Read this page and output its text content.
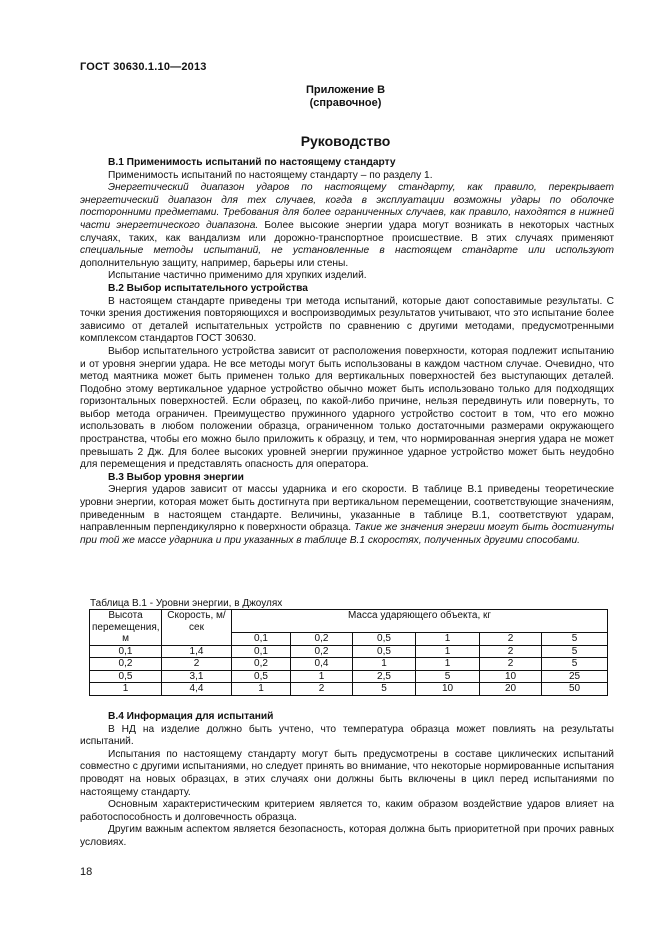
ГОСТ 30630.1.10—2013
Приложение В
(справочное)
Руководство

В.1 Применимость испытаний по настоящему стандарту

Применимость испытаний по настоящему стандарту – по разделу 1.

Энергетический диапазон ударов по настоящему стандарту, как правило, перекрывает энергетический диапазон для тех случаев, когда в эксплуатации возможны удары по оболочке посторонними предметами. Требования для более ограниченных случаев, как правило, находятся в нижней части энергетического диапазона. Более высокие энергии удара могут возникать в некоторых частных случаях, таких, как вандализм или дорожно-транспортное происшествие. В этих случаях применяют специальные методы испытаний, не установленные в настоящем стандарте или используют дополнительную защиту, например, барьеры или стены.

Испытание частично применимо для хрупких изделий.

В.2 Выбор испытательного устройства

В настоящем стандарте приведены три метода испытаний, которые дают сопоставимые результаты. С точки зрения достижения повторяющихся и воспроизводимых результатов учитывают, что это испытание более зависимо от деталей испытательных устройств по сравнению с другими методами, предусмотренными комплексом стандартов ГОСТ 30630.

Выбор испытательного устройства зависит от расположения поверхности, которая подлежит испытанию и от уровня энергии удара. Не все методы могут быть использованы в каждом частном случае. Очевидно, что метод маятника может быть применен только для вертикальных поверхностей без выступающих деталей. Подобно этому вертикальное ударное устройство обычно может быть использовано только для подходящих горизонтальных поверхностей. Если образец, по какой-либо причине, нельзя передвинуть или повернуть, то выбор метода ограничен. Преимущество пружинного ударного устройство состоит в том, что его можно использовать в любом положении образца, ограниченном только достаточными размерами окружающего пространства, чтобы его можно было приложить к образцу, и тем, что нормированная энергия удара не может превышать 2 Дж. Для более высоких уровней энергии пружинное ударное устройство может быть неудобно для перемещения и представлять опасность для оператора.

В.3 Выбор уровня энергии

Энергия ударов зависит от массы ударника и его скорости. В таблице В.1 приведены теоретические уровни энергии, которая может быть достигнута при вертикальном перемещении, соответствующие значениям, приведенным в настоящем стандарте. Величины, указанные в таблице В.1, соответствуют ударам, направленным перпендикулярно к поверхности образца. Такие же значения энергии могут быть достигнуты при той же массе ударника и при указанных в таблице В.1 скоростях, полученных другими способами.

Таблица В.1 - Уровни энергии, в Джоулях
Высота перемещения, м	Скорость, м/сек	Масса ударяющего объекта, кг					
		0,1	0,2	0,5	1	2	5
0,1	1,4	0,1	0,2	0,5	1	2	5
0,2	2	0,2	0,4	1	1	2	5
0,5	3,1	0,5	1	2,5	5	10	25
1	4,4	1	2	5	10	20	50

В.4 Информация для испытаний

В НД на изделие должно быть учтено, что температура образца может повлиять на результаты испытаний.

Испытания по настоящему стандарту могут быть предусмотрены в составе циклических испытаний совместно с другими испытаниями, но следует принять во внимание, что некоторые нормированные испытания проводят на новых образцах, в этих случаях они должны быть включены в цикл перед испытаниями по настоящему стандарту.

Основным характеристическим критерием является то, каким образом воздействие ударов влияет на работоспособность и долговечность образца.

Другим важным аспектом является безопасность, которая должна быть приоритетной при прочих равных условиях.

18
